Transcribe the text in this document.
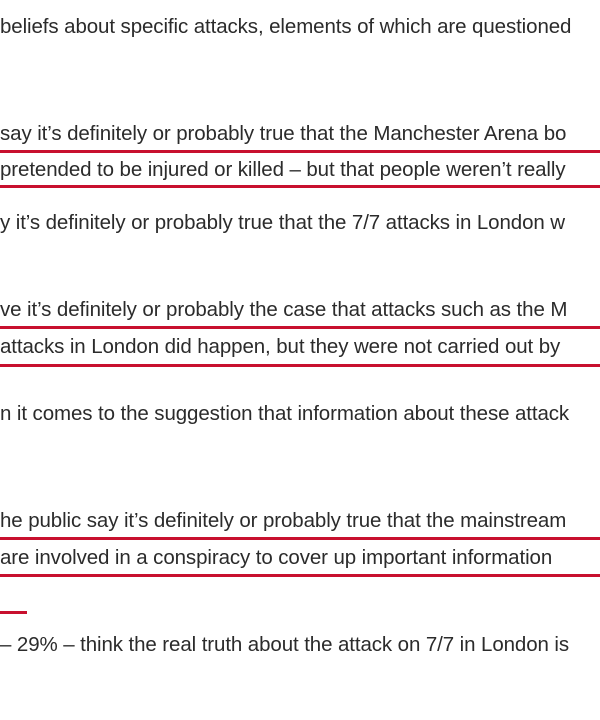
beliefs about specific attacks, elements of which are questioned
say it’s definitely or probably true that the Manchester Arena bo
pretended to be injured or killed – but that people weren’t really
y it’s definitely or probably true that the 7/7 attacks in London w
ve it’s definitely or probably the case that attacks such as the M
attacks in London did happen, but they were not carried out by
n it comes to the suggestion that information about these attack
he public say it’s definitely or probably true that the mainstream
are involved in a conspiracy to cover up important information
– 29% – think the real truth about the attack on 7/7 in London is
